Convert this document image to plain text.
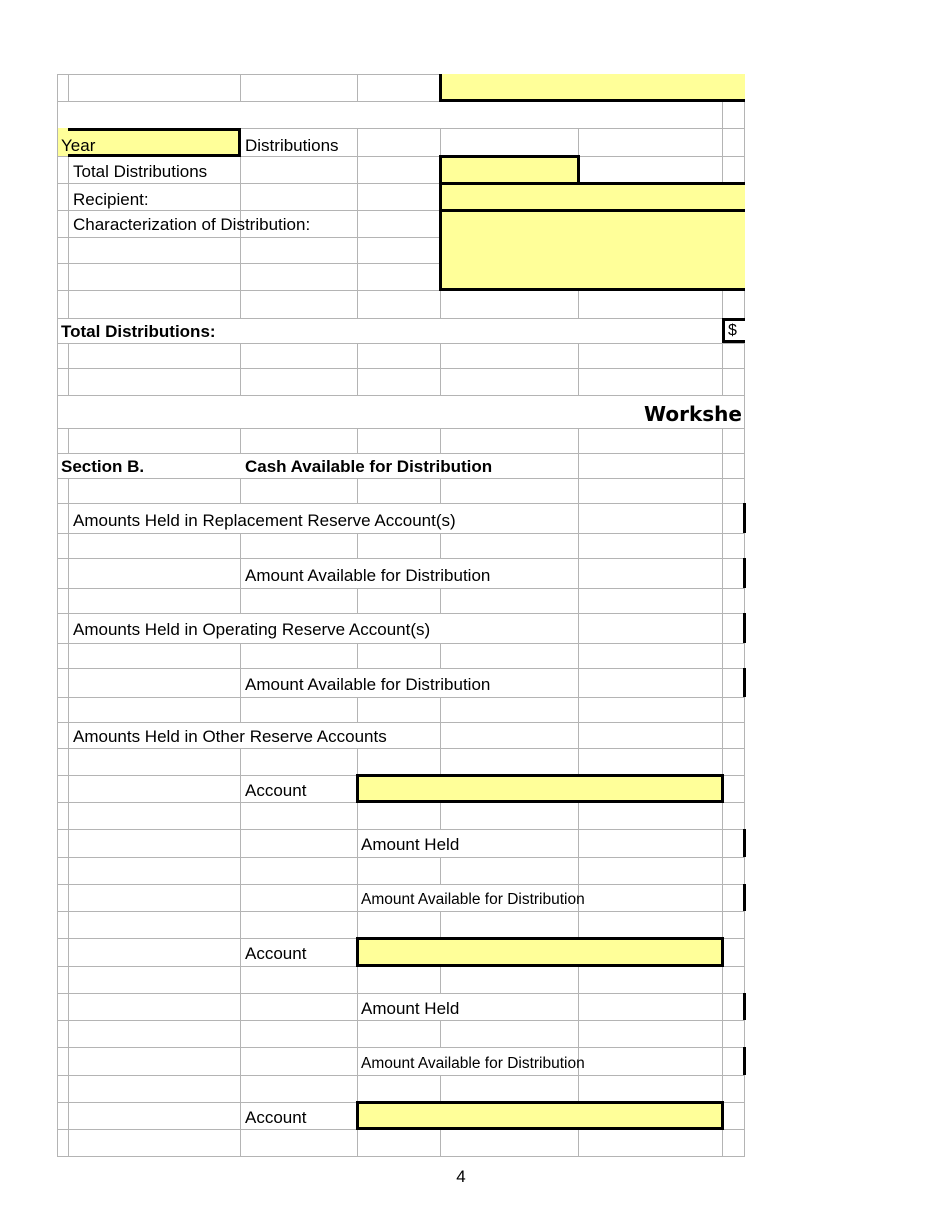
Year	Distributions
Total Distributions
Recipient:
Characterization of Distribution:
Total Distributions:	$
Workshe
Section B.	Cash Available for Distribution
Amounts Held in Replacement Reserve Account(s)
Amount Available for Distribution
Amounts Held in Operating Reserve Account(s)
Amount Available for Distribution
Amounts Held in Other Reserve Accounts
Account
Amount Held
Amount Available for Distribution
Account
Amount Held
Amount Available for Distribution
Account
4
